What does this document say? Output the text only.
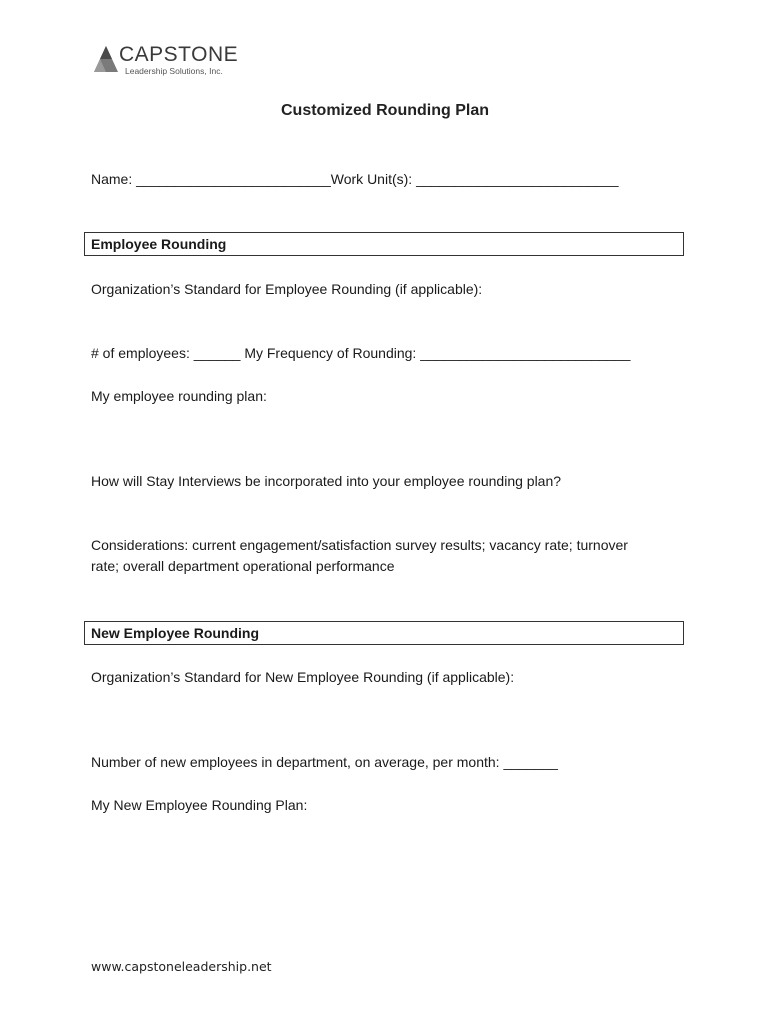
CAPSTONE
Leadership Solutions, Inc.
Customized Rounding Plan
Name: _________________________Work Unit(s): __________________________
Employee Rounding
Organization’s Standard for Employee Rounding (if applicable):
# of employees: ______ My Frequency of Rounding: ___________________________
My employee rounding plan:
How will Stay Interviews be incorporated into your employee rounding plan?
Considerations: current engagement/satisfaction survey results; vacancy rate; turnover
rate; overall department operational performance
New Employee Rounding
Organization’s Standard for New Employee Rounding (if applicable):
Number of new employees in department, on average, per month: _______
My New Employee Rounding Plan:
www.capstoneleadership.net
